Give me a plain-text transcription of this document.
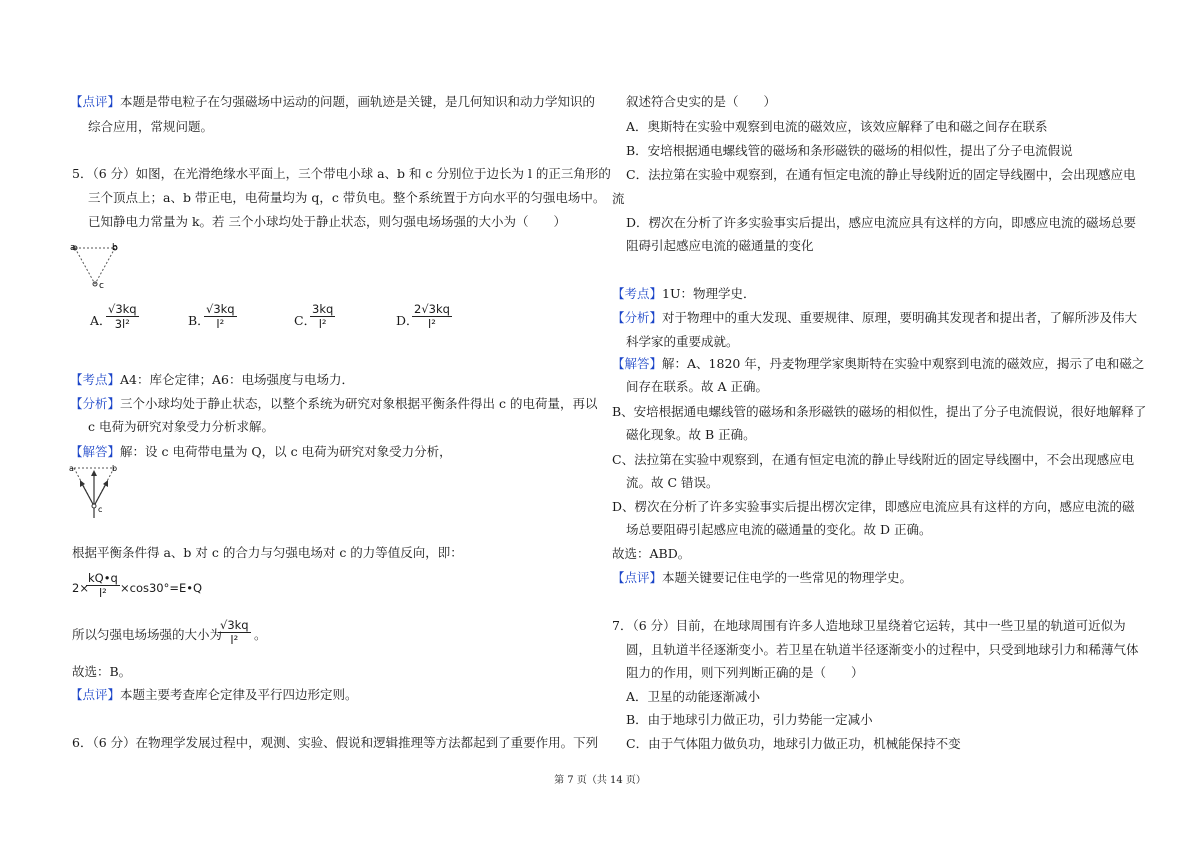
【点评】本题是带电粒子在匀强磁场中运动的问题，画轨迹是关键，是几何知识和动力学知识的
综合应用，常规问题。
5．（6 分）如图，在光滑绝缘水平面上，三个带电小球 a、b 和 c 分别位于边长为 l 的正三角形的
三个顶点上；a、b 带正电，电荷量均为 q，c 带负电。整个系统置于方向水平的匀强电场中。
已知静电力常量为 k。若 三个小球均处于静止状态，则匀强电场场强的大小为（　　）
a	b
c
A．
$\frac{√3kq}{\text{3l²}}$	B．
$\frac{√3kq}{\text{l²}}$	C．
$\frac{3kq}{\text{l²}}$	D．
$\frac{2√3kq}{\text{l²}}$
【考点】A4：库仑定律；A6：电场强度与电场力．
【分析】三个小球均处于静止状态，以整个系统为研究对象根据平衡条件得出 c 的电荷量，再以
c 电荷为研究对象受力分析求解。
【解答】解：设 c 电荷带电量为 Q，以 c 电荷为研究对象受力分析，
a	b
c
根据平衡条件得 a、b 对 c 的合力与匀强电场对 c 的力等值反向，即：
2×
$\frac{kQ•q}{\text{l²}}$ ×cos30°=E•Q
所以匀强电场场强的大小为
$\frac{√3kq}{\text{l²}}$ 。
故选：B。
【点评】本题主要考查库仑定律及平行四边形定则。
6．（6 分）在物理学发展过程中，观测、实验、假说和逻辑推理等方法都起到了重要作用。下列
叙述符合史实的是（　　）
A．奥斯特在实验中观察到电流的磁效应，该效应解释了电和磁之间存在联系
B．安培根据通电螺线管的磁场和条形磁铁的磁场的相似性，提出了分子电流假说
C．法拉第在实验中观察到，在通有恒定电流的静止导线附近的固定导线圈中，会出现感应电
流
D．楞次在分析了许多实验事实后提出，感应电流应具有这样的方向，即感应电流的磁场总要
阻碍引起感应电流的磁通量的变化
【考点】1U：物理学史．
【分析】对于物理中的重大发现、重要规律、原理，要明确其发现者和提出者，了解所涉及伟大
科学家的重要成就。
【解答】解：A、1820 年，丹麦物理学家奥斯特在实验中观察到电流的磁效应，揭示了电和磁之
间存在联系。故 A 正确。
B、安培根据通电螺线管的磁场和条形磁铁的磁场的相似性，提出了分子电流假说，很好地解释了
磁化现象。故 B 正确。
C、法拉第在实验中观察到，在通有恒定电流的静止导线附近的固定导线圈中，不会出现感应电
流。故 C 错误。
D、楞次在分析了许多实验事实后提出楞次定律，即感应电流应具有这样的方向，感应电流的磁
场总要阻碍引起感应电流的磁通量的变化。故 D 正确。
故选：ABD。
【点评】本题关键要记住电学的一些常见的物理学史。
7．（6 分）目前，在地球周围有许多人造地球卫星绕着它运转，其中一些卫星的轨道可近似为
圆，且轨道半径逐渐变小。若卫星在轨道半径逐渐变小的过程中，只受到地球引力和稀薄气体
阻力的作用，则下列判断正确的是（　　）
A．卫星的动能逐渐减小
B．由于地球引力做正功，引力势能一定减小
C．由于气体阻力做负功，地球引力做正功，机械能保持不变
第 7 页（共 14 页）
